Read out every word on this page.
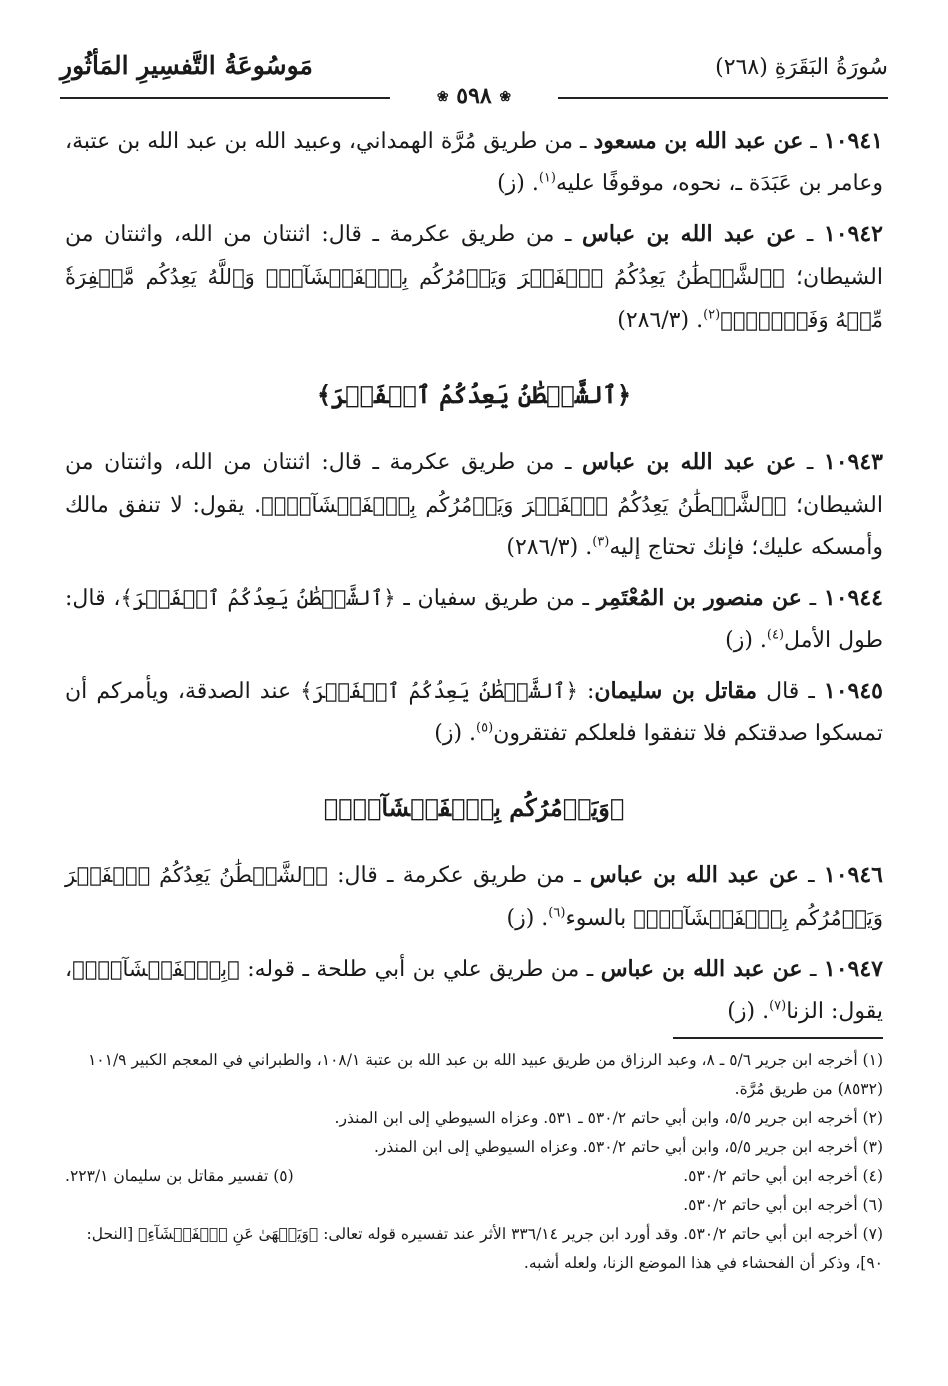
سُورَةُ البَقَرَةِ (٢٦٨)
مَوسُوعَةُ التَّفسِيرِ المَأثُورِ
❀ ٥٩٨ ❀

١٠٩٤١ ـ عن عبد الله بن مسعود ـ من طريق مُرَّة الهمداني، وعبيد الله بن عبد الله بن عتبة، وعامر بن عَبَدَة ـ، نحوه، موقوفًا عليه$^{(١)}$. (ز)

١٠٩٤٢ ـ عن عبد الله بن عباس ـ من طريق عكرمة ـ قال: اثنتان من الله، واثنتان من الشيطان؛ ﴿ٱلشَّيۡطَٰنُ يَعِدُكُمُ ٱلۡفَقۡرَ وَيَأۡمُرُكُم بِٱلۡفَحۡشَآءِۖ وَٱللَّهُ يَعِدُكُم مَّغۡفِرَةٗ مِّنۡهُ وَفَضۡلٗاۗ﴾$^{(٢)}$. (٢٨٦/٣)

﴿ٱلشَّيۡطَٰنُ يَعِدُكُمُ ٱلۡفَقۡرَ﴾

١٠٩٤٣ ـ عن عبد الله بن عباس ـ من طريق عكرمة ـ قال: اثنتان من الله، واثنتان من الشيطان؛ ﴿ٱلشَّيۡطَٰنُ يَعِدُكُمُ ٱلۡفَقۡرَ وَيَأۡمُرُكُم بِٱلۡفَحۡشَآءِۖ﴾. يقول: لا تنفق مالك وأمسكه عليك؛ فإنك تحتاج إليه$^{(٣)}$. (٢٨٦/٣)

١٠٩٤٤ ـ عن منصور بن المُعْتَمِر ـ من طريق سفيان ـ ﴿ٱلشَّيۡطَٰنُ يَعِدُكُمُ ٱلۡفَقۡرَ﴾، قال: طول الأمل$^{(٤)}$. (ز)

١٠٩٤٥ ـ قال مقاتل بن سليمان: ﴿ٱلشَّيۡطَٰنُ يَعِدُكُمُ ٱلۡفَقۡرَ﴾ عند الصدقة، ويأمركم أن تمسكوا صدقتكم فلا تنفقوا فلعلكم تفتقرون$^{(٥)}$. (ز)

﴿وَيَأۡمُرُكُم بِٱلۡفَحۡشَآءِۖ﴾

١٠٩٤٦ ـ عن عبد الله بن عباس ـ من طريق عكرمة ـ قال: ﴿ٱلشَّيۡطَٰنُ يَعِدُكُمُ ٱلۡفَقۡرَ وَيَأۡمُرُكُم بِٱلۡفَحۡشَآءِۖ﴾ بالسوء$^{(٦)}$. (ز)

١٠٩٤٧ ـ عن عبد الله بن عباس ـ من طريق علي بن أبي طلحة ـ قوله: ﴿بِٱلۡفَحۡشَآءِۖ﴾، يقول: الزنا$^{(٧)}$. (ز)

(١) أخرجه ابن جرير ٥/٦ ـ ٨، وعبد الرزاق من طريق عبيد الله بن عبد الله بن عتبة ١٠٨/١، والطبراني في المعجم الكبير ١٠١/٩ (٨٥٣٢) من طريق مُرَّة.

(٢) أخرجه ابن جرير ٥/٥، وابن أبي حاتم ٥٣٠/٢ ـ ٥٣١. وعزاه السيوطي إلى ابن المنذر.

(٣) أخرجه ابن جرير ٥/٥، وابن أبي حاتم ٥٣٠/٢. وعزاه السيوطي إلى ابن المنذر.

(٤) أخرجه ابن أبي حاتم ٥٣٠/٢.
(٥) تفسير مقاتل بن سليمان ٢٢٣/١.

(٦) أخرجه ابن أبي حاتم ٥٣٠/٢.

(٧) أخرجه ابن أبي حاتم ٥٣٠/٢. وقد أورد ابن جرير ٣٣٦/١٤ الأثر عند تفسيره قوله تعالى: ﴿وَيَنۡهَىٰ عَنِ ٱلۡفَحۡشَآءِ﴾ [النحل: ٩٠]، وذكر أن الفحشاء في هذا الموضع الزنا، ولعله أشبه.
